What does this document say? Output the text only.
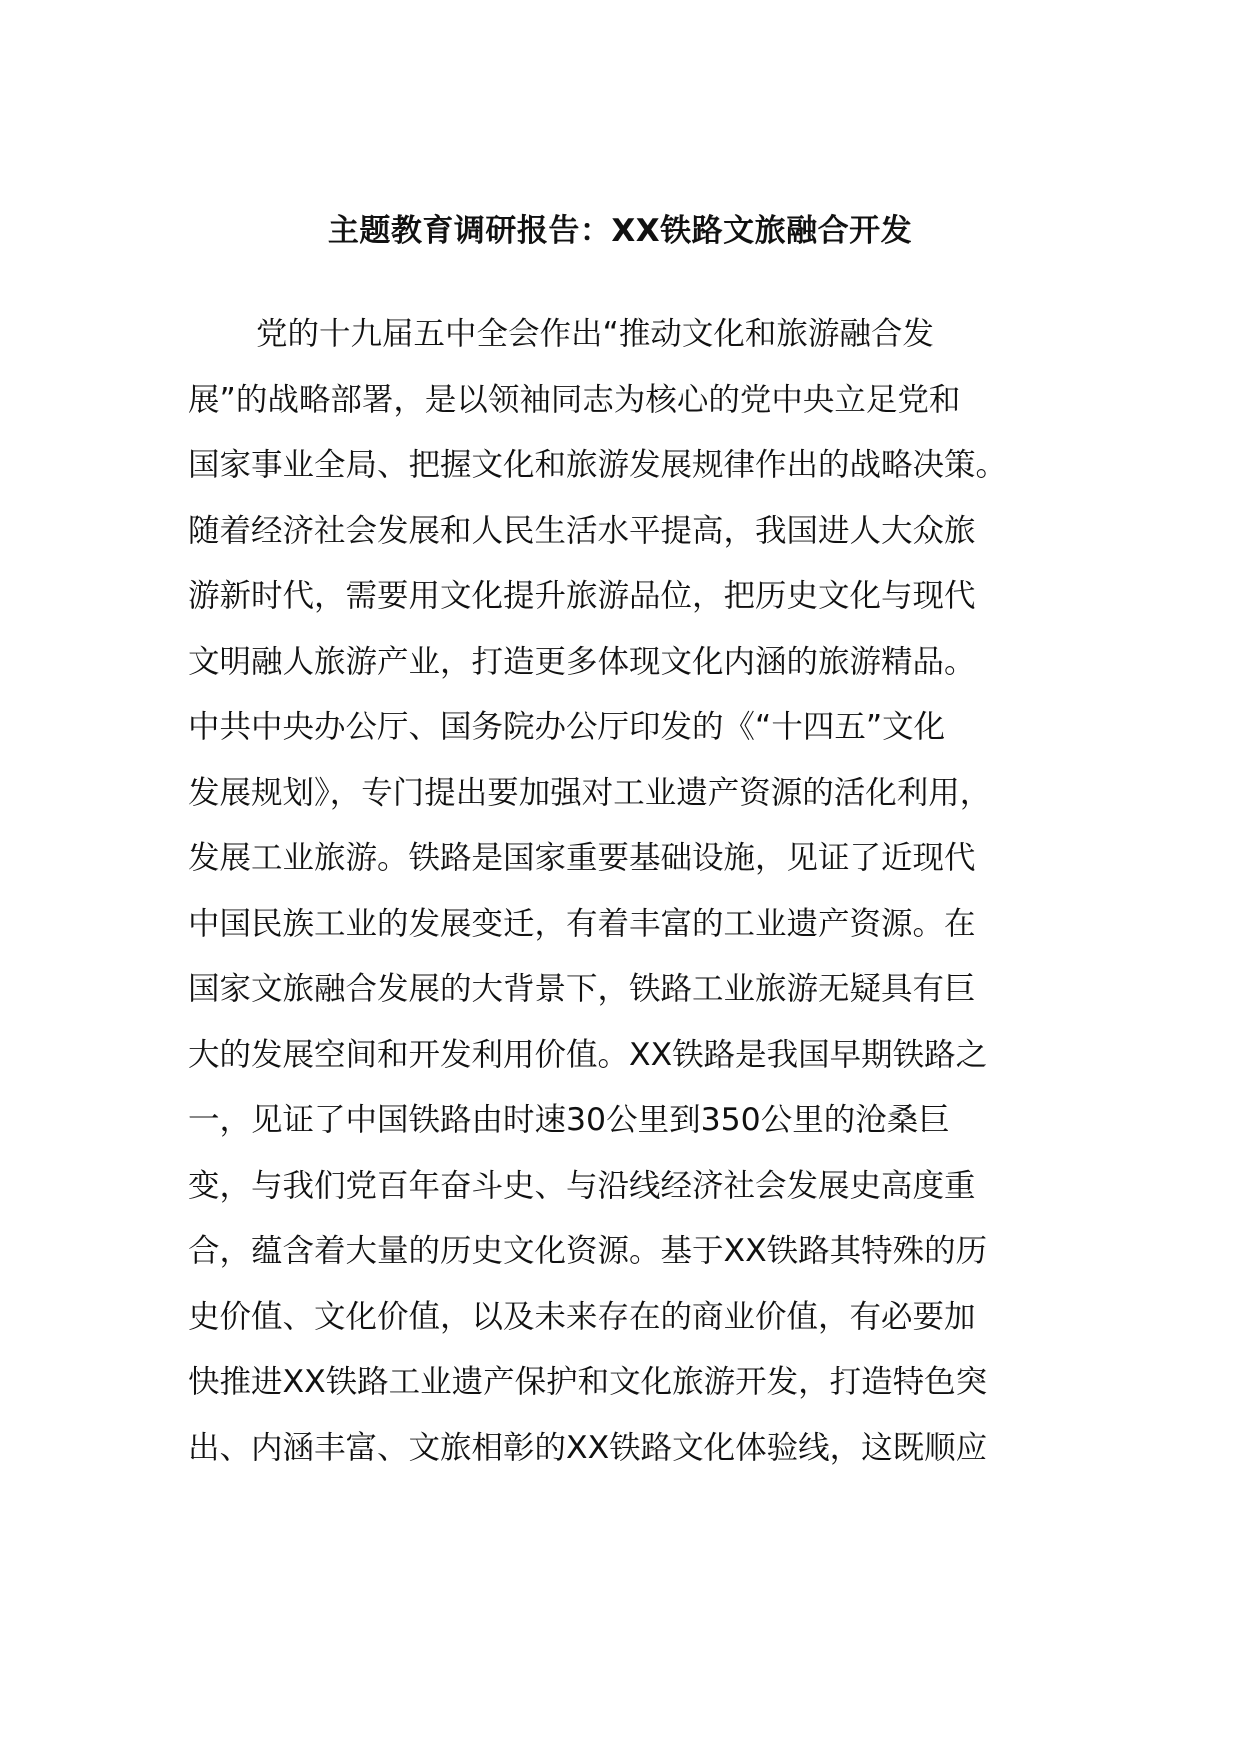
主题教育调研报告：XX铁路文旅融合开发
党的十九届五中全会作出“推动文化和旅游融合发
展”的战略部署，是以领袖同志为核心的党中央立足党和
国家事业全局、把握文化和旅游发展规律作出的战略决策。
随着经济社会发展和人民生活水平提高，我国进人大众旅
游新时代，需要用文化提升旅游品位，把历史文化与现代
文明融人旅游产业，打造更多体现文化内涵的旅游精品。
中共中央办公厅、国务院办公厅印发的《“十四五”文化
发展规划》，专门提出要加强对工业遗产资源的活化利用，
发展工业旅游。铁路是国家重要基础设施，见证了近现代
中国民族工业的发展变迁，有着丰富的工业遗产资源。在
国家文旅融合发展的大背景下，铁路工业旅游无疑具有巨
大的发展空间和开发利用价值。XX铁路是我国早期铁路之
一，见证了中国铁路由时速30公里到350公里的沧桑巨
变，与我们党百年奋斗史、与沿线经济社会发展史高度重
合，蕴含着大量的历史文化资源。基于XX铁路其特殊的历
史价值、文化价值，以及未来存在的商业价值，有必要加
快推进XX铁路工业遗产保护和文化旅游开发，打造特色突
出、内涵丰富、文旅相彰的XX铁路文化体验线，这既顺应
